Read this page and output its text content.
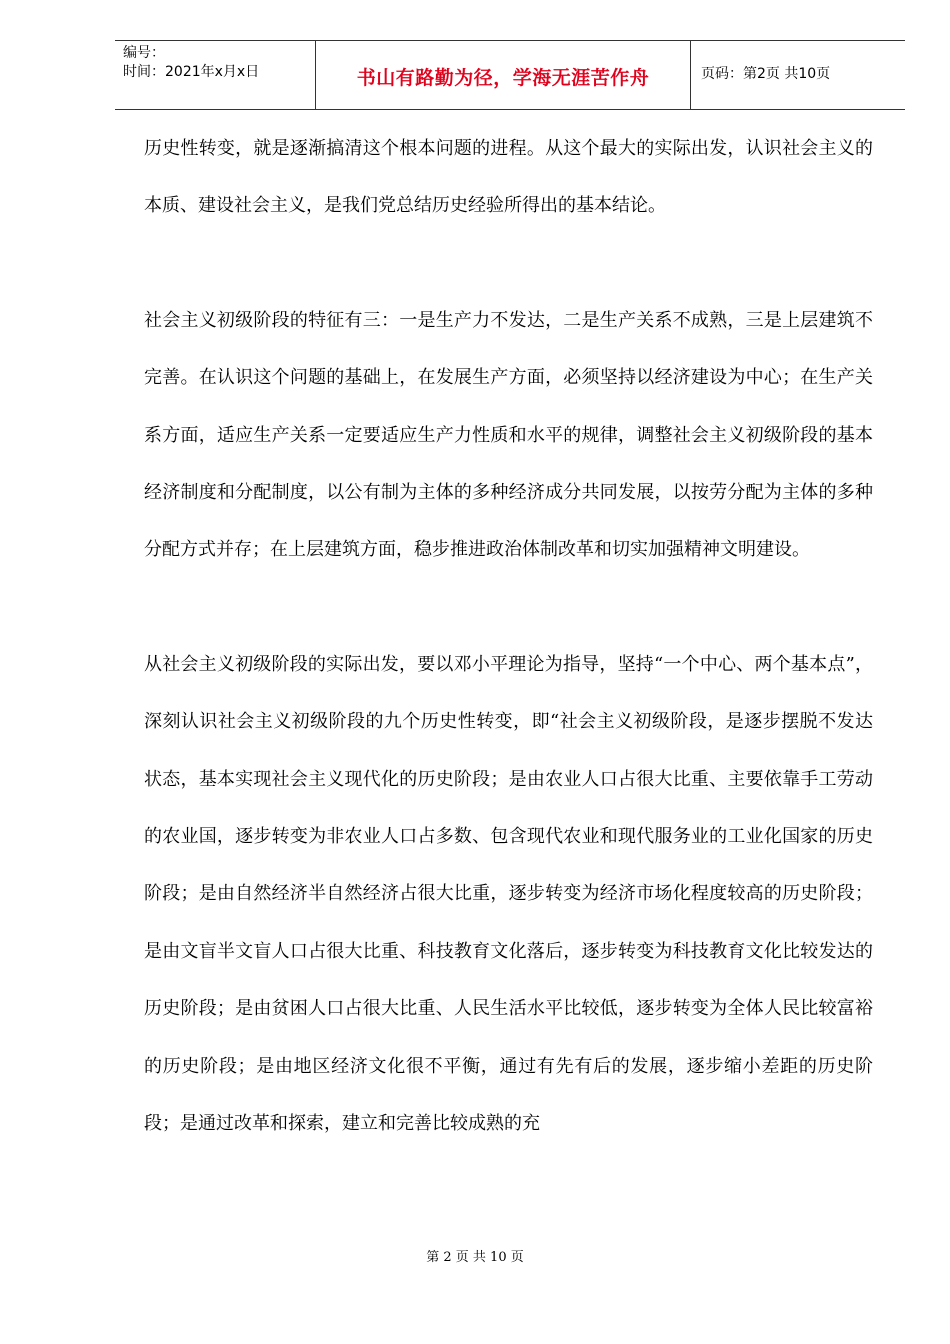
编号：
时间：2021年x月x日	书山有路勤为径，学海无涯苦作舟	页码：第2页 共10页

历史性转变，就是逐渐搞清这个根本问题的进程。从这个最大的实际出发，认识社会主义的本质、建设社会主义，是我们党总结历史经验所得出的基本结论。

社会主义初级阶段的特征有三：一是生产力不发达，二是生产关系不成熟，三是上层建筑不完善。在认识这个问题的基础上，在发展生产方面，必须坚持以经济建设为中心；在生产关系方面，适应生产关系一定要适应生产力性质和水平的规律，调整社会主义初级阶段的基本经济制度和分配制度，以公有制为主体的多种经济成分共同发展，以按劳分配为主体的多种分配方式并存；在上层建筑方面，稳步推进政治体制改革和切实加强精神文明建设。

从社会主义初级阶段的实际出发，要以邓小平理论为指导，坚持“一个中心、两个基本点”，深刻认识社会主义初级阶段的九个历史性转变，即“社会主义初级阶段，是逐步摆脱不发达状态，基本实现社会主义现代化的历史阶段；是由农业人口占很大比重、主要依靠手工劳动的农业国，逐步转变为非农业人口占多数、包含现代农业和现代服务业的工业化国家的历史阶段；是由自然经济半自然经济占很大比重，逐步转变为经济市场化程度较高的历史阶段；是由文盲半文盲人口占很大比重、科技教育文化落后，逐步转变为科技教育文化比较发达的历史阶段；是由贫困人口占很大比重、人民生活水平比较低，逐步转变为全体人民比较富裕的历史阶段；是由地区经济文化很不平衡，通过有先有后的发展，逐步缩小差距的历史阶段；是通过改革和探索，建立和完善比较成熟的充

第 2 页 共 10 页
